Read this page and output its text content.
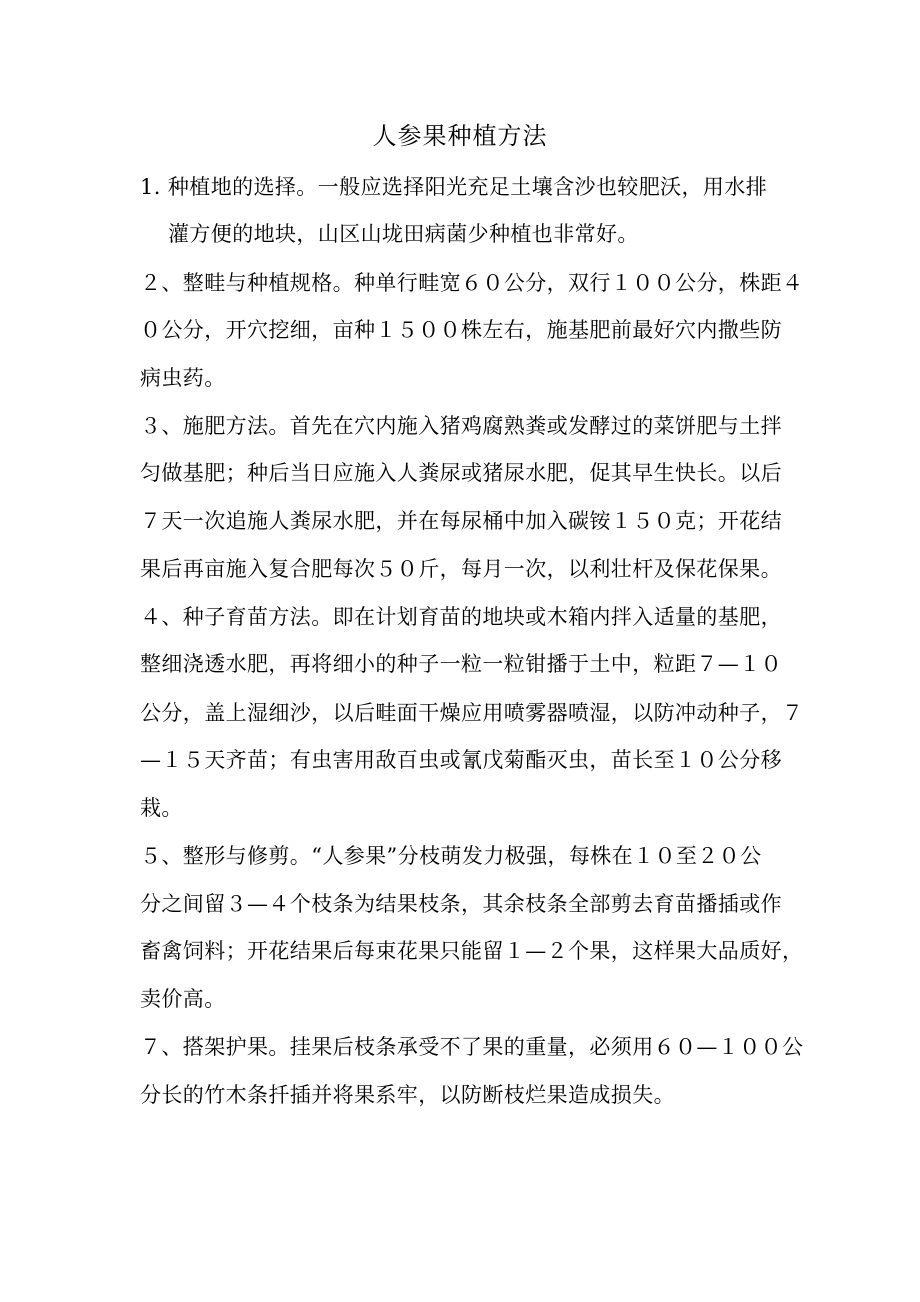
人参果种植方法
1. 种植地的选择。一般应选择阳光充足土壤含沙也较肥沃，用水排
灌方便的地块，山区山垅田病菌少种植也非常好。
２、整畦与种植规格。种单行畦宽６０公分，双行１００公分，株距４
０公分，开穴挖细，亩种１５００株左右，施基肥前最好穴内撒些防
病虫药。
３、施肥方法。首先在穴内施入猪鸡腐熟粪或发酵过的菜饼肥与土拌
匀做基肥；种后当日应施入人粪尿或猪尿水肥，促其早生快长。以后
７天一次追施人粪尿水肥，并在每尿桶中加入碳铵１５０克；开花结
果后再亩施入复合肥每次５０斤，每月一次，以利壮杆及保花保果。
４、种子育苗方法。即在计划育苗的地块或木箱内拌入适量的基肥，
整细浇透水肥，再将细小的种子一粒一粒钳播于土中，粒距７—１０
公分，盖上湿细沙，以后畦面干燥应用喷雾器喷湿，以防冲动种子，７
—１５天齐苗；有虫害用敌百虫或氰戊菊酯灭虫，苗长至１０公分移
栽。
５、整形与修剪。“人参果”分枝萌发力极强，每株在１０至２０公
分之间留３—４个枝条为结果枝条，其余枝条全部剪去育苗播插或作
畜禽饲料；开花结果后每束花果只能留１—２个果，这样果大品质好，
卖价高。
７、搭架护果。挂果后枝条承受不了果的重量，必须用６０—１００公
分长的竹木条扦插并将果系牢，以防断枝烂果造成损失。
